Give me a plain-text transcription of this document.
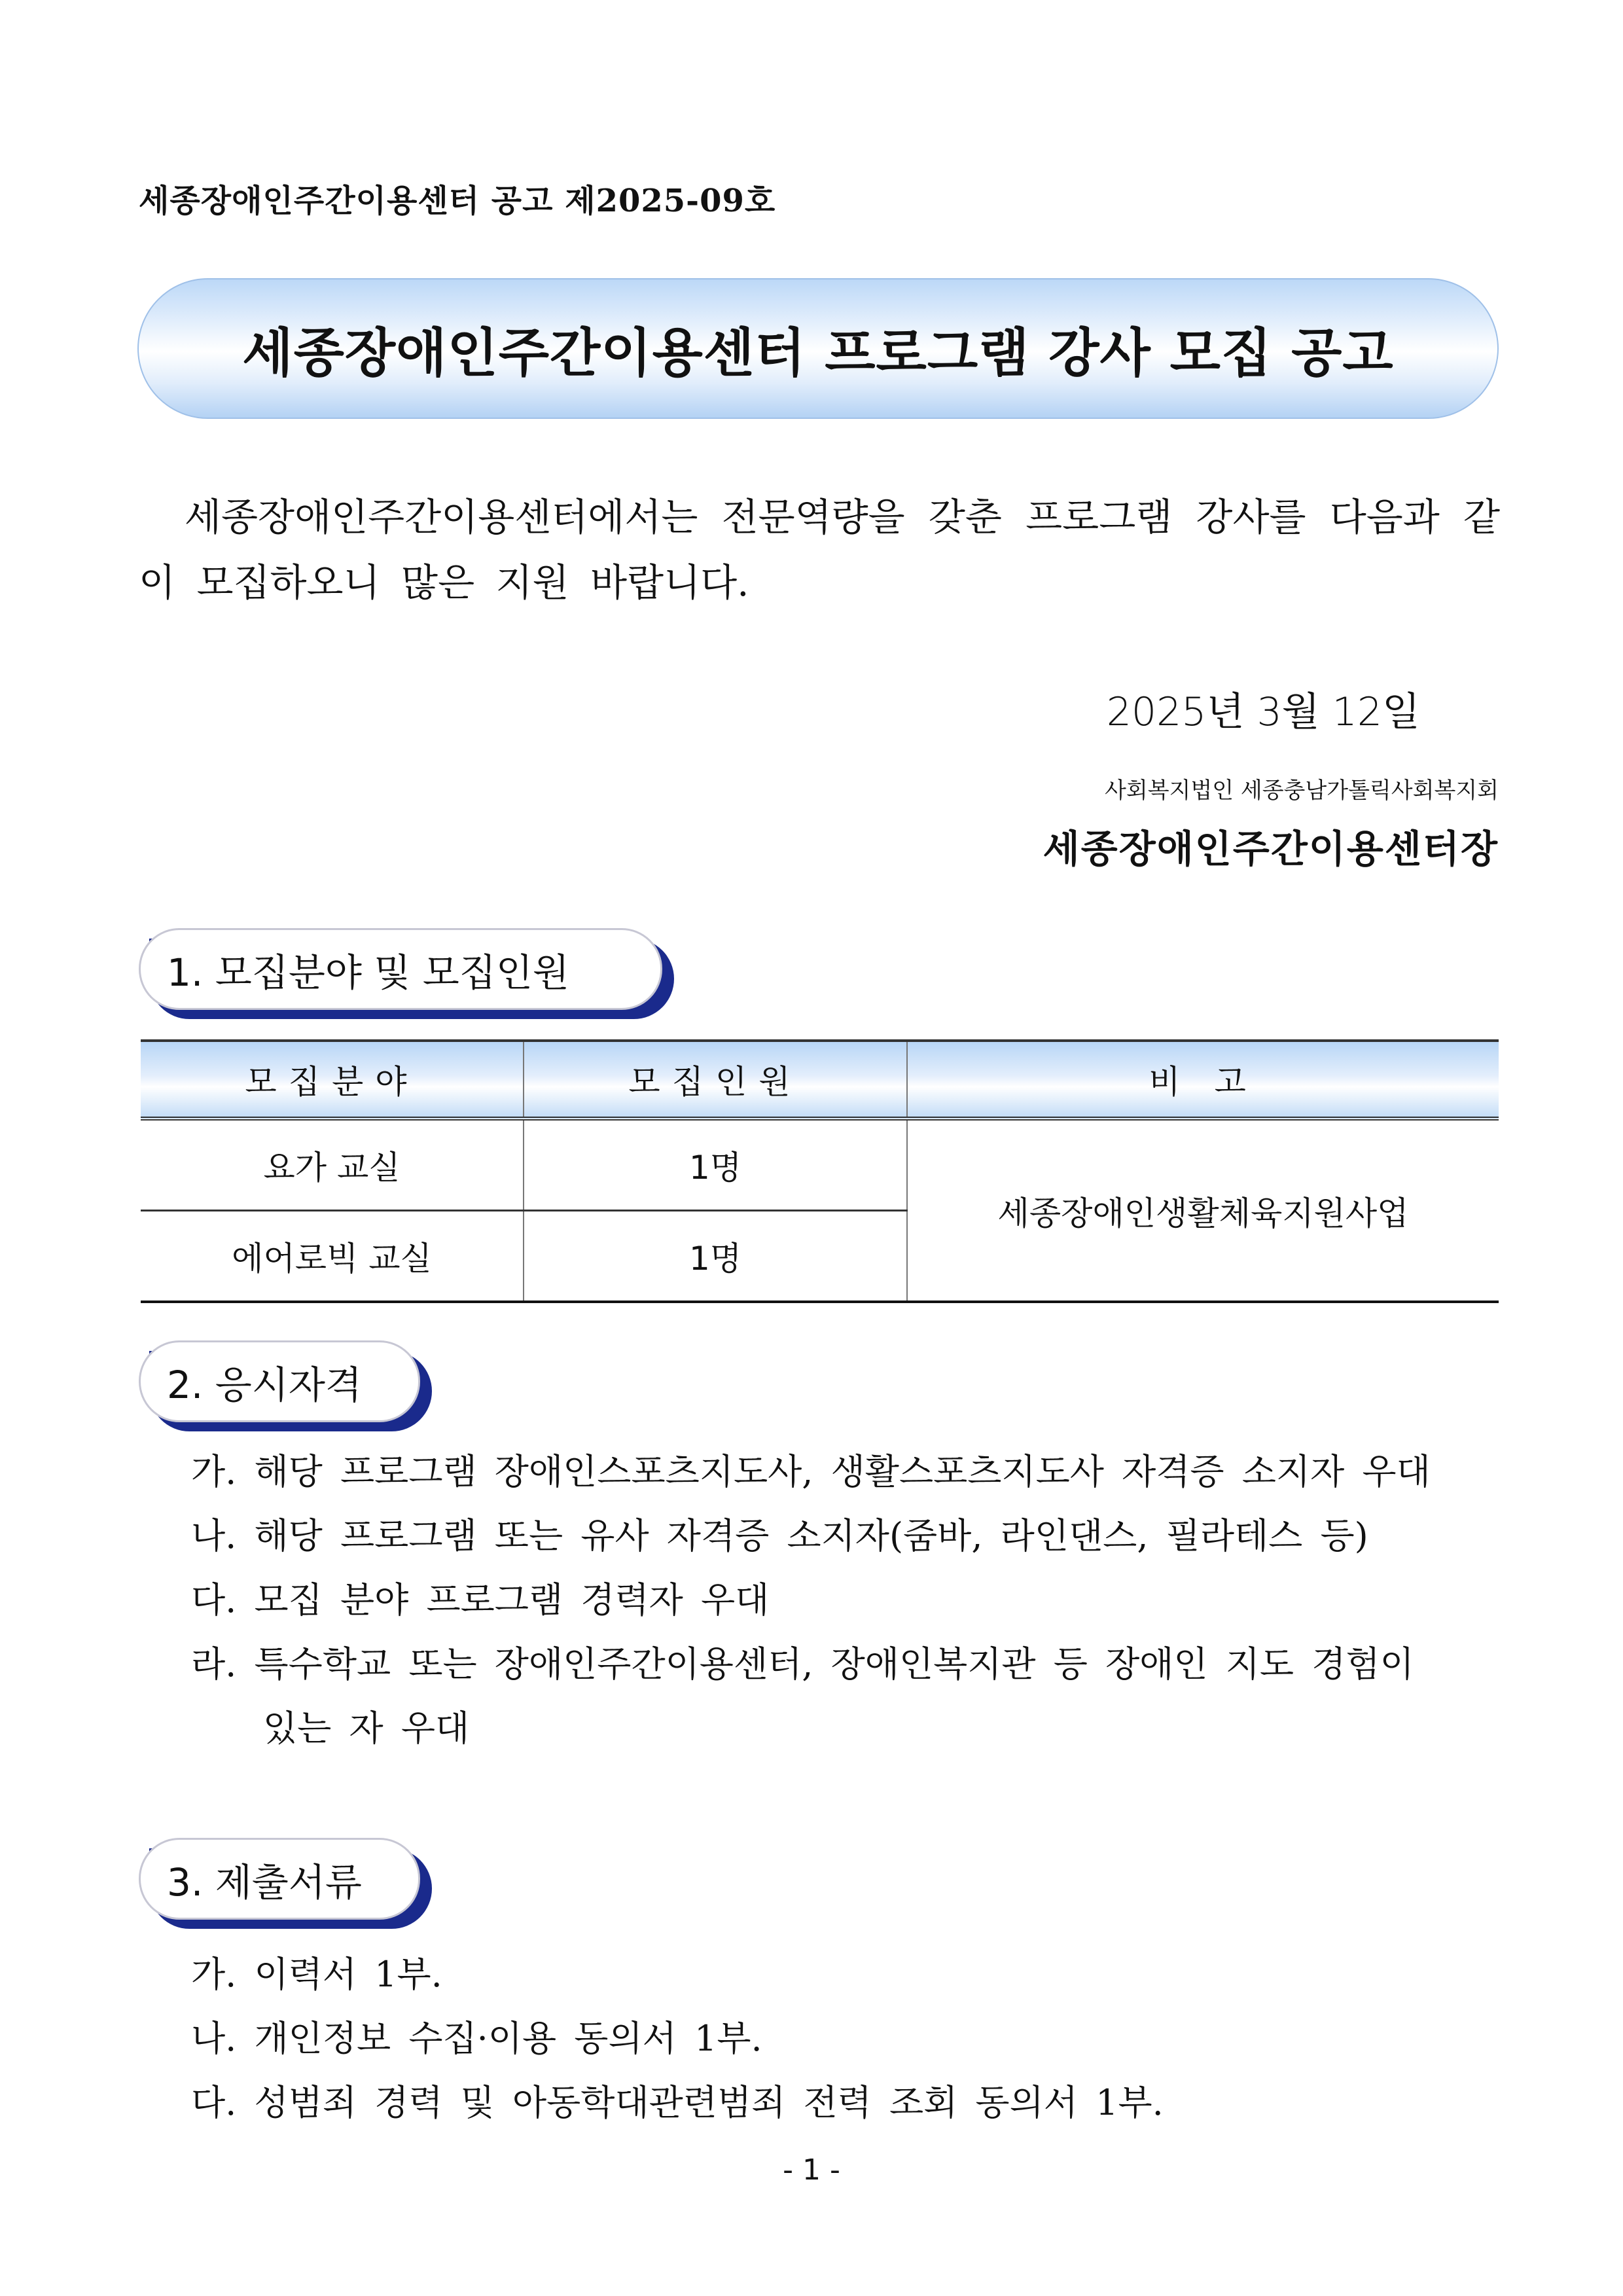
세종장애인주간이용센터 공고 제2025-09호
세종장애인주간이용센터 프로그램 강사 모집 공고
세종장애인주간이용센터에서는 전문역량을 갖춘 프로그램 강사를 다음과 같이 모집하오니 많은 지원 바랍니다.
2025년 3월 12일
사회복지법인 세종충남가톨릭사회복지회
세종장애인주간이용센터장
1. 모집분야 및 모집인원
모집분야	모집인원	비 고
요가 교실	1명	세종장애인생활체육지원사업
에어로빅 교실	1명	
2. 응시자격
가. 해당 프로그램 장애인스포츠지도사, 생활스포츠지도사 자격증 소지자 우대
나. 해당 프로그램 또는 유사 자격증 소지자(줌바, 라인댄스, 필라테스 등)
다. 모집 분야 프로그램 경력자 우대
라. 특수학교 또는 장애인주간이용센터, 장애인복지관 등 장애인 지도 경험이
있는 자 우대
3. 제출서류
가. 이력서 1부.
나. 개인정보 수집·이용 동의서 1부.
다. 성범죄 경력 및 아동학대관련범죄 전력 조회 동의서 1부.
- 1 -
